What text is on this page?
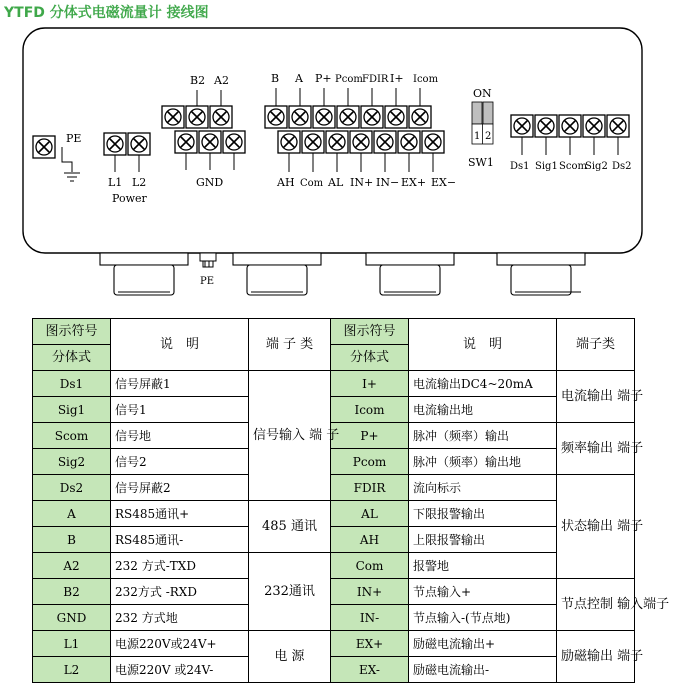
YTFD 分体式电磁流量计 接线图
PE
PE
L1 L2
Power
B2 A2
GND
B A P+ Pcom FDIR I+ Icom
AH Com AL IN+ IN− EX+ EX−
ON
1 2
SW1 Ds1 Sig1 Scom
Sig2 Ds2
图示符号	说　明	端 子 类	图示符号	说　明	端子类
分体式			分体式		
Ds1	信号屏蔽1	信号输入 端 子	I+	电流输出DC4~20mA	电流输出 端子
Sig1	信号1		Icom	电流输出地	
Scom	信号地		P+	脉冲（频率）输出	频率输出 端子
Sig2	信号2		Pcom	脉冲（频率）输出地	
Ds2	信号屏蔽2		FDIR	流向标示	状态输出 端子
A	RS485通讯+	485 通讯	AL	下限报警输出	
B	RS485通讯-		AH	上限报警输出	
A2	232 方式-TXD	232通讯	Com	报警地	
B2	232方式 -RXD		IN+	节点输入+	节点控制 输入端子
GND	232 方式地		IN-	节点输入-(节点地)	
L1	电源220V或24V+	电 源	EX+	励磁电流输出+	励磁输出 端子
L2	电源220V 或24V-		EX-	励磁电流输出-	
